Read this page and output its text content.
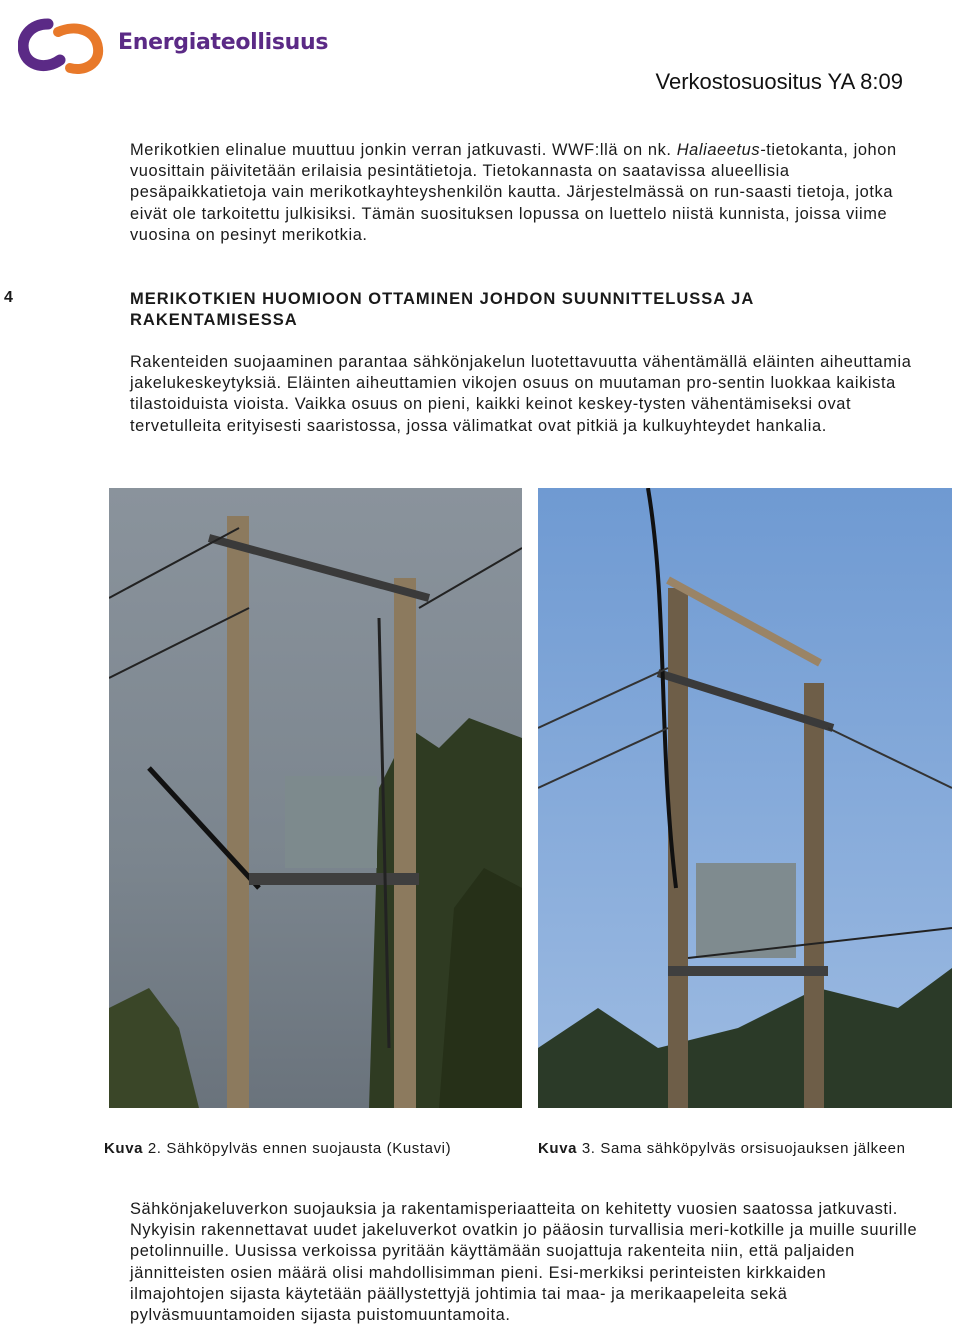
Energiateollisuus
Verkostosuositus YA 8:09

Merikotkien elinalue muuttuu jonkin verran jatkuvasti. WWF:llä on nk. Haliaeetus-tietokanta, johon vuosittain päivitetään erilaisia pesintätietoja. Tietokannasta on saatavissa alueellisia pesäpaikkatietoja vain merikotkayhteyshenkilön kautta. Järjestelmässä on run-saasti tietoja, jotka eivät ole tarkoitettu julkisiksi. Tämän suosituksen lopussa on luettelo niistä kunnista, joissa viime vuosina on pesinyt merikotkia.

4	MERIKOTKIEN HUOMIOON OTTAMINEN JOHDON SUUNNITTELUSSA JA RAKENTAMISESSA

Rakenteiden suojaaminen parantaa sähkönjakelun luotettavuutta vähentämällä eläinten aiheuttamia jakelukeskeytyksiä. Eläinten aiheuttamien vikojen osuus on muutaman pro-sentin luokkaa kaikista tilastoiduista vioista. Vaikka osuus on pieni, kaikki keinot keskey-tysten vähentämiseksi ovat tervetulleita erityisesti saaristossa, jossa välimatkat ovat pitkiä ja kulkuyhteydet hankalia.

Kuva 2. Sähköpylväs ennen suojausta (Kustavi)	Kuva 3. Sama sähköpylväs orsisuojauksen jälkeen

Sähkönjakeluverkon suojauksia ja rakentamisperiaatteita on kehitetty vuosien saatossa jatkuvasti. Nykyisin rakennettavat uudet jakeluverkot ovatkin jo pääosin turvallisia meri-kotkille ja muille suurille petolinnuille. Uusissa verkoissa pyritään käyttämään suojattuja rakenteita niin, että paljaiden jännitteisten osien määrä olisi mahdollisimman pieni. Esi-merkiksi perinteisten kirkkaiden ilmajohtojen sijasta käytetään päällystettyjä johtimia tai maa- ja merikaapeleita sekä pylväsmuuntamoiden sijasta puistomuuntamoita.
